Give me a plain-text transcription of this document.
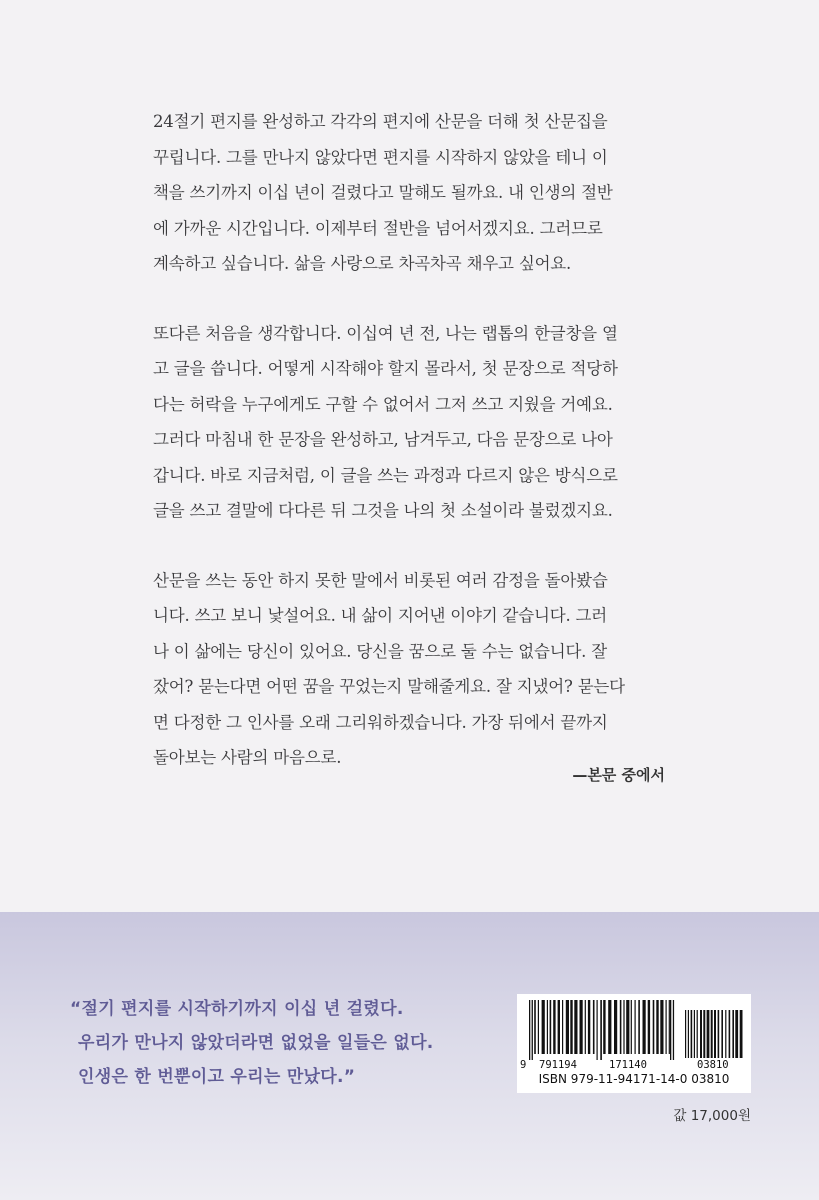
24절기 편지를 완성하고 각각의 편지에 산문을 더해 첫 산문집을
꾸립니다. 그를 만나지 않았다면 편지를 시작하지 않았을 테니 이
책을 쓰기까지 이십 년이 걸렸다고 말해도 될까요. 내 인생의 절반
에 가까운 시간입니다. 이제부터 절반을 넘어서겠지요. 그러므로
계속하고 싶습니다. 삶을 사랑으로 차곡차곡 채우고 싶어요.

또다른 처음을 생각합니다. 이십여 년 전, 나는 랩톱의 한글창을 열
고 글을 씁니다. 어떻게 시작해야 할지 몰라서, 첫 문장으로 적당하
다는 허락을 누구에게도 구할 수 없어서 그저 쓰고 지웠을 거예요.
그러다 마침내 한 문장을 완성하고, 남겨두고, 다음 문장으로 나아
갑니다. 바로 지금처럼, 이 글을 쓰는 과정과 다르지 않은 방식으로
글을 쓰고 결말에 다다른 뒤 그것을 나의 첫 소설이라 불렀겠지요.

산문을 쓰는 동안 하지 못한 말에서 비롯된 여러 감정을 돌아봤습
니다. 쓰고 보니 낯설어요. 내 삶이 지어낸 이야기 같습니다. 그러
나 이 삶에는 당신이 있어요. 당신을 꿈으로 둘 수는 없습니다. 잘
잤어? 묻는다면 어떤 꿈을 꾸었는지 말해줄게요. 잘 지냈어? 묻는다
면 다정한 그 인사를 오래 그리워하겠습니다. 가장 뒤에서 끝까지
돌아보는 사람의 마음으로.

—본문 중에서
“절기 편지를 시작하기까지 이십 년 걸렸다.
우리가 만나지 않았더라면 없었을 일들은 없다.
인생은 한 번뿐이고 우리는 만났다.”
9 791194	171140	03810
ISBN 979-11-94171-14-0 03810
값 17,000원
